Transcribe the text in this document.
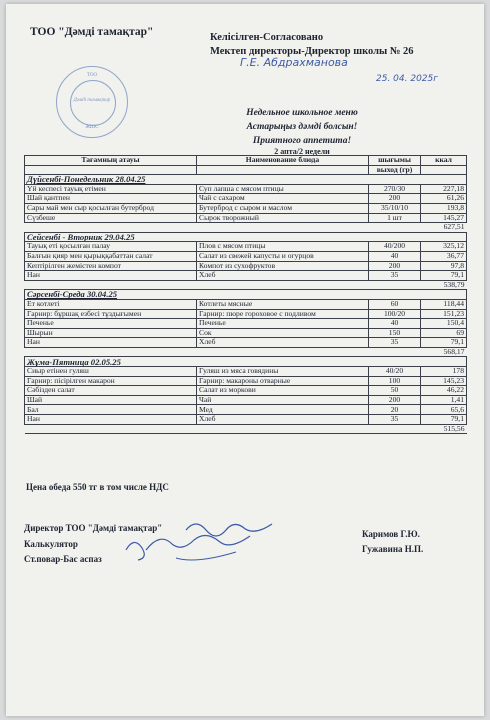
ТОО "Дәмді тамақтар"	Келісілген-Согласовано
Мектеп директоры-Директор школы № 26
Г.Е. Абдрахманова
25. 04. 2025г
ТОО
Дәмді тамақтар
ЖШС
Недельное школьное меню
Астарыңыз дәмді болсын!
Приятного аппетита!
2 апта/2 недели
Тағамның атауы	Наименование блюда	шығымы	ккал
		выход (гр)	
Дүйсенбі-Понедельник 28.04.25			
Үй кеспесі тауық етімен	Суп лапша с мясом птицы	270/30	227,18
Шай қантпен	Чай с сахаром	200	61,26
Сары май мен сыр қосылған бутерброд	Бутерброд с сыром и маслом	35/10/10	193,8
Сүзбеше	Сырок творожный	1 шт	145,27
			627,51
Сейсенбі - Вторник 29.04.25			
Тауық еті қосылған палау	Плов с мясом птицы	40/200	325,12
Балғын қияр мен қырыққабаттан салат	Салат из свежей капусты и огурцов	40	36,77
Кептірілген жемістен компот	Компот из сухофруктов	200	97,8
Нан	Хлеб	35	79,1
			538,79
Сәрсенбі-Среда 30.04.25			
Ет котлеті	Котлеты мясные	60	118,44
Гарнир: бұршақ езбесі тұздығымен	Гарнир: пюре гороховое с подливом	100/20	151,23
Печенье	Печенье	40	150,4
Шырын	Сок	150	69
Нан	Хлеб	35	79,1
			568,17
Жұма-Пятница 02.05.25			
Сиыр етінен гуляш	Гуляш из мяса говядины	40/20	178
Гарнир: пісірілген макарон	Гарнир: макароны отварные	100	145,23
Сәбізден салат	Салат из моркови	50	46,22
Шай	Чай	200	1,41
Бал	Мед	20	65,6
Нан	Хлеб	35	79,1
			515,56
Цена обеда 550 тг в том числе НДС
Директор ТОО "Дәмді тамақтар"
Калькулятор
Ст.повар-Бас аспаз
Каримов Г.Ю.
Гужавина Н.П.
